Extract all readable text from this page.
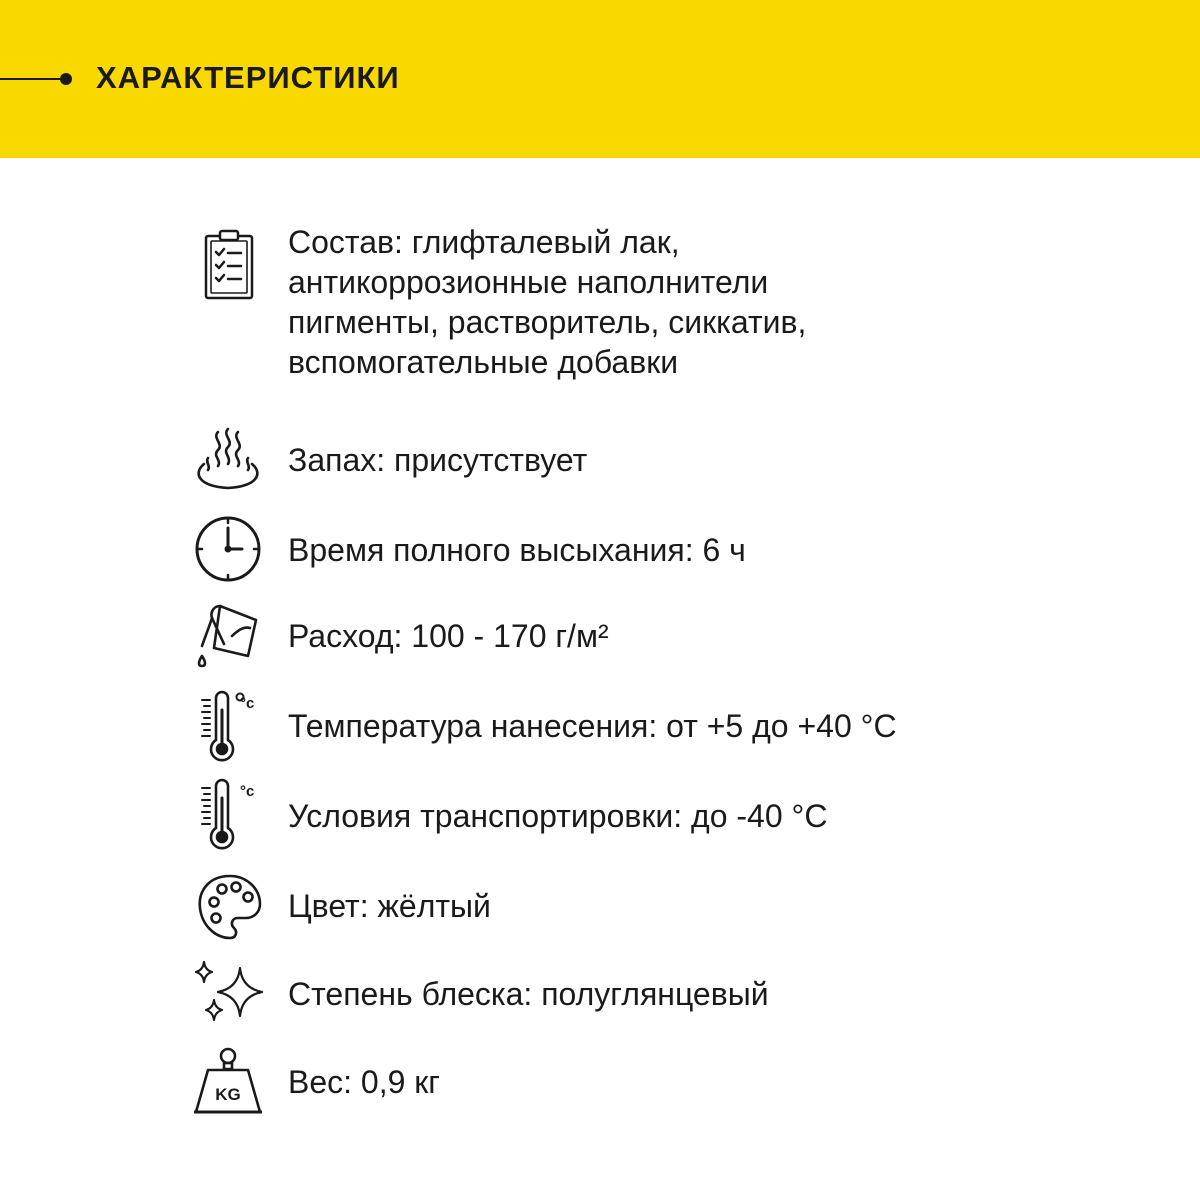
ХАРАКТЕРИСТИКИ
Состав: глифталевый лак,
антикоррозионные наполнители
пигменты, растворитель, сиккатив,
вспомогательные добавки
Запах: присутствует
Время полного высыхания: 6 ч
Расход: 100 - 170 г/м²
°c
Температура нанесения: от +5 до +40 °С
°c
Условия транспортировки: до -40 °С
Цвет: жёлтый
Степень блеска: полуглянцевый
KG	Вес: 0,9 кг
